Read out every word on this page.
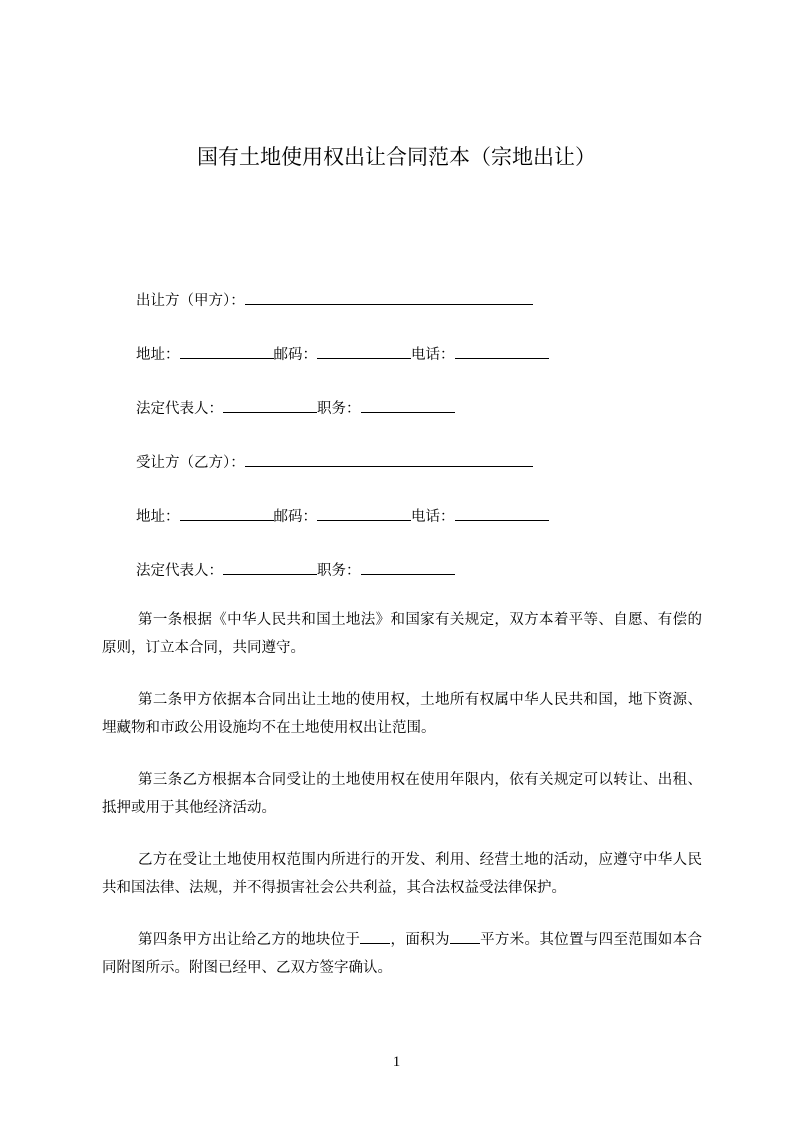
国有土地使用权出让合同范本（宗地出让）
出让方（甲方）：
地址：	邮码：	电话：
法定代表人：	职务：
受让方（乙方）：
地址：	邮码：	电话：
法定代表人：	职务：
第一条根据《中华人民共和国土地法》和国家有关规定，双方本着平等、自愿、有偿的原则，订立本合同，共同遵守。
第二条甲方依据本合同出让土地的使用权，土地所有权属中华人民共和国，地下资源、埋藏物和市政公用设施均不在土地使用权出让范围。
第三条乙方根据本合同受让的土地使用权在使用年限内，依有关规定可以转让、出租、抵押或用于其他经济活动。
乙方在受让土地使用权范围内所进行的开发、利用、经营土地的活动，应遵守中华人民共和国法律、法规，并不得损害社会公共利益，其合法权益受法律保护。
第四条甲方出让给乙方的地块位于 ，面积为 平方米。其位置与四至范围如本合同附图所示。附图已经甲、乙双方签字确认。
1
